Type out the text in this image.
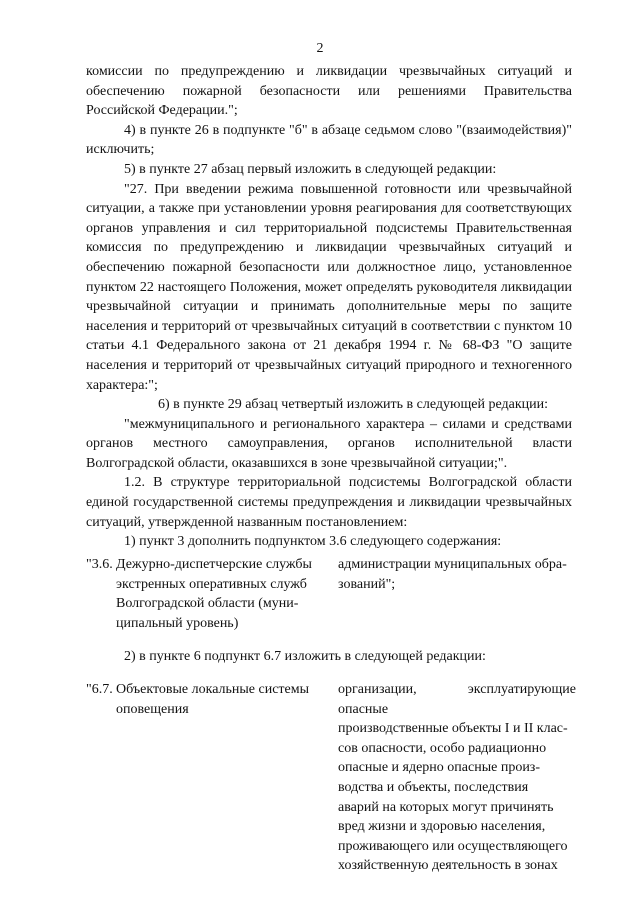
2

комиссии по предупреждению и ликвидации чрезвычайных ситуаций и обеспечению пожарной безопасности или решениями Правительства Российской Федерации.";

4) в пункте 26 в подпункте "б" в абзаце седьмом слово "(взаимодействия)" исключить;

5) в пункте 27 абзац первый изложить в следующей редакции:

"27. При введении режима повышенной готовности или чрезвычайной ситуации, а также при установлении уровня реагирования для соответствующих органов управления и сил территориальной подсистемы Правительственная комиссия по предупреждению и ликвидации чрезвычайных ситуаций и обеспечению пожарной безопасности или должностное лицо, установленное пунктом 22 настоящего Положения, может определять руководителя ликвидации чрезвычайной ситуации и принимать дополнительные меры по защите населения и территорий от чрезвычайных ситуаций в соответствии с пунктом 10 статьи 4.1 Федерального закона от 21 декабря 1994 г. № 68-ФЗ "О защите населения и территорий от чрезвычайных ситуаций природного и техногенного характера:";

6) в пункте 29 абзац четвертый изложить в следующей редакции:

"межмуниципального и регионального характера – силами и средствами органов местного самоуправления, органов исполнительной власти Волгоградской области, оказавшихся в зоне чрезвычайной ситуации;".

1.2. В структуре территориальной подсистемы Волгоградской области единой государственной системы предупреждения и ликвидации чрезвычайных ситуаций, утвержденной названным постановлением:

1) пункт 3 дополнить подпунктом 3.6 следующего содержания:

"3.6. Дежурно-диспетчерские службы
экстренных оперативных служб
Волгоградской области (муни-
ципальный уровень)
администрации муниципальных обра-
зований";
2) в пункте 6 подпункт 6.7 изложить в следующей редакции:
"6.7. Объектовые локальные системы
оповещения
организации, эксплуатирующие опасные
производственные объекты I и II клас-
сов опасности, особо радиационно
опасные и ядерно опасные произ-
водства и объекты, последствия
аварий на которых могут причинять
вред жизни и здоровью населения,
проживающего или осуществляющего
хозяйственную деятельность в зонах
